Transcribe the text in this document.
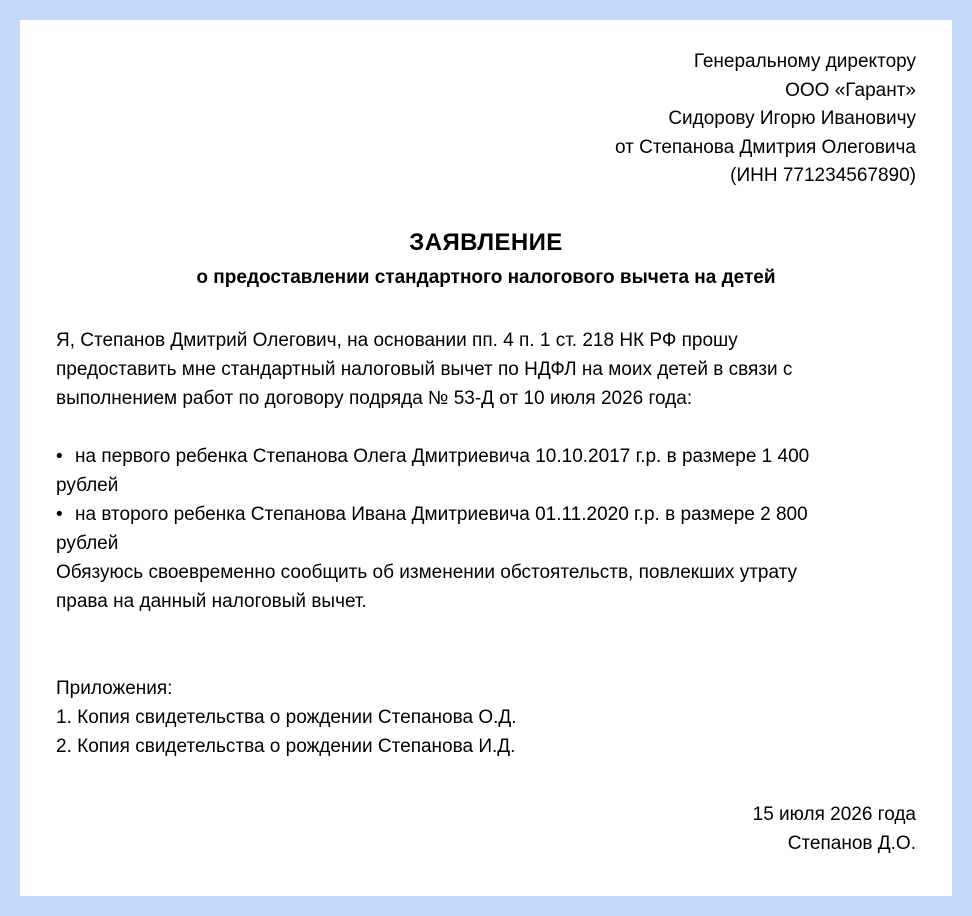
Генеральному директору
ООО «Гарант»
Сидорову Игорю Ивановичу
от Степанова Дмитрия Олеговича
(ИНН 771234567890)
ЗАЯВЛЕНИЕ
о предоставлении стандартного налогового вычета на детей

Я, Степанов Дмитрий Олегович, на основании пп. 4 п. 1 ст. 218 НК РФ прошу
предоставить мне стандартный налоговый вычет по НДФЛ на моих детей в связи с
выполнением работ по договору подряда № 53-Д от 10 июля 2026 года:

• на первого ребенка Степанова Олега Дмитриевича 10.10.2017 г.р. в размере 1 400
рублей

• на второго ребенка Степанова Ивана Дмитриевича 01.11.2020 г.р. в размере 2 800
рублей

Обязуюсь своевременно сообщить об изменении обстоятельств, повлекших утрату
права на данный налоговый вычет.

Приложения:

1. Копия свидетельства о рождении Степанова О.Д.

2. Копия свидетельства о рождении Степанова И.Д.

15 июля 2026 года
Степанов Д.О.
